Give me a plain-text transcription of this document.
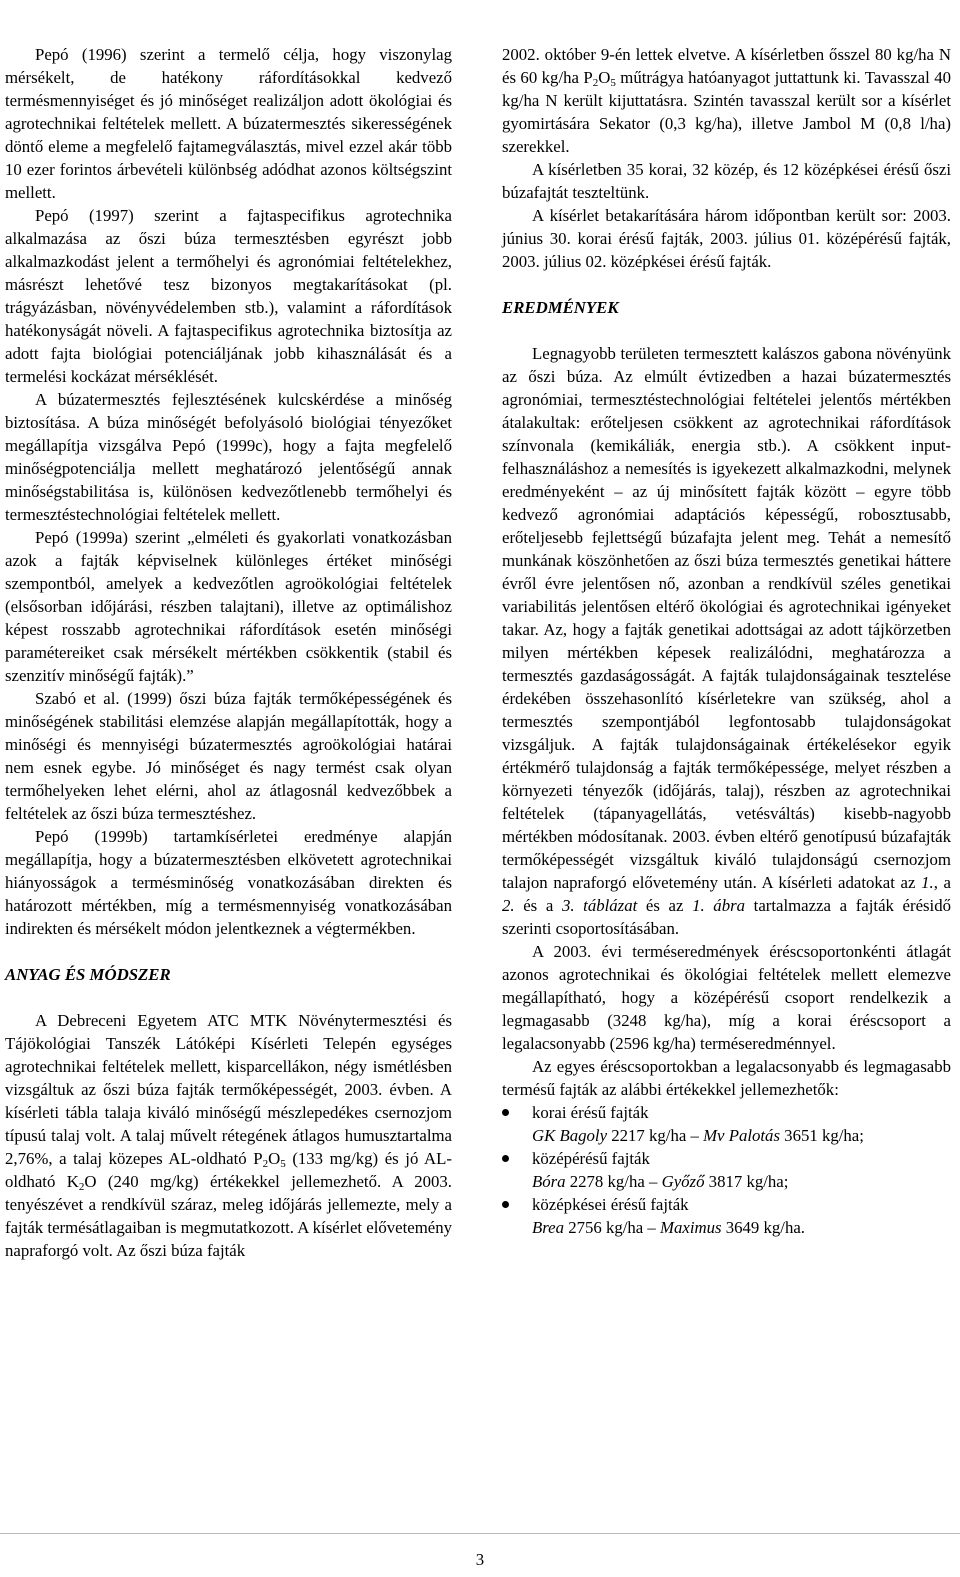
Pepó (1996) szerint a termelő célja, hogy viszonylag mérsékelt, de hatékony ráfordításokkal kedvező termésmennyiséget és jó minőséget realizáljon adott ökológiai és agrotechnikai feltételek mellett. A búzatermesztés sikerességének döntő eleme a megfelelő fajtamegválasztás, mivel ezzel akár több 10 ezer forintos árbevételi különbség adódhat azonos költségszint mellett.

Pepó (1997) szerint a fajtaspecifikus agrotechnika alkalmazása az őszi búza termesztésben egyrészt jobb alkalmazkodást jelent a termőhelyi és agronómiai feltételekhez, másrészt lehetővé tesz bizonyos megtakarításokat (pl. trágyázásban, növényvédelemben stb.), valamint a ráfordítások hatékonyságát növeli. A fajtaspecifikus agrotechnika biztosítja az adott fajta biológiai potenciáljának jobb kihasználását és a termelési kockázat mérséklését.

A búzatermesztés fejlesztésének kulcskérdése a minőség biztosítása. A búza minőségét befolyásoló biológiai tényezőket megállapítja vizsgálva Pepó (1999c), hogy a fajta megfelelő minőségpotenciálja mellett meghatározó jelentőségű annak minőségstabilitása is, különösen kedvezőtlenebb termőhelyi és termesztéstechnológiai feltételek mellett.

Pepó (1999a) szerint „elméleti és gyakorlati vonatkozásban azok a fajták képviselnek különleges értéket minőségi szempontból, amelyek a kedvezőtlen agroökológiai feltételek (elsősorban időjárási, részben talajtani), illetve az optimálishoz képest rosszabb agrotechnikai ráfordítások esetén minőségi paramétereiket csak mérsékelt mértékben csökkentik (stabil és szenzitív minőségű fajták).”

Szabó et al. (1999) őszi búza fajták termőképességének és minőségének stabilitási elemzése alapján megállapították, hogy a minőségi és mennyiségi búzatermesztés agroökológiai határai nem esnek egybe. Jó minőséget és nagy termést csak olyan termőhelyeken lehet elérni, ahol az átlagosnál kedvezőbbek a feltételek az őszi búza termesztéshez.

Pepó (1999b) tartamkísérletei eredménye alapján megállapítja, hogy a búzatermesztésben elkövetett agrotechnikai hiányosságok a termésminőség vonatkozásában direkten és határozott mértékben, míg a termésmennyiség vonatkozásában indirekten és mérsékelt módon jelentkeznek a végtermékben.

ANYAG ÉS MÓDSZER

A Debreceni Egyetem ATC MTK Növénytermesztési és Tájökológiai Tanszék Látóképi Kísérleti Telepén egységes agrotechnikai feltételek mellett, kisparcellákon, négy ismétlésben vizsgáltuk az őszi búza fajták termőképességét, 2003. évben. A kísérleti tábla talaja kiváló minőségű mészlepedékes csernozjom típusú talaj volt. A talaj művelt rétegének átlagos humusztartalma 2,76%, a talaj közepes AL-oldható $P_2O_5$ (133 mg/kg) és jó AL-oldható $K_2O$ (240 mg/kg) értékekkel jellemezhető. A 2003. tenyészévet a rendkívül száraz, meleg időjárás jellemezte, mely a fajták termésátlagaiban is megmutatkozott. A kísérlet elővetemény napraforgó volt. Az őszi búza fajták

2002. október 9-én lettek elvetve. A kísérletben ősszel 80 kg/ha N és 60 kg/ha $P_2O_5$ műtrágya hatóanyagot juttattunk ki. Tavasszal 40 kg/ha N került kijuttatásra. Szintén tavasszal került sor a kísérlet gyomirtására Sekator (0,3 kg/ha), illetve Jambol M (0,8 l/ha) szerekkel.

A kísérletben 35 korai, 32 közép, és 12 középkései érésű őszi búzafajtát teszteltünk.

A kísérlet betakarítására három időpontban került sor: 2003. június 30. korai érésű fajták, 2003. július 01. középérésű fajták, 2003. július 02. középkései érésű fajták.

EREDMÉNYEK

Legnagyobb területen termesztett kalászos gabona növényünk az őszi búza. Az elmúlt évtizedben a hazai búzatermesztés agronómiai, termesztéstechnológiai feltételei jelentős mértékben átalakultak: erőteljesen csökkent az agrotechnikai ráfordítások színvonala (kemikáliák, energia stb.). A csökkent input-felhasználáshoz a nemesítés is igyekezett alkalmazkodni, melynek eredményeként – az új minősített fajták között – egyre több kedvező agronómiai adaptációs képességű, robosztusabb, erőteljesebb fejlettségű búzafajta jelent meg. Tehát a nemesítő munkának köszönhetően az őszi búza termesztés genetikai háttere évről évre jelentősen nő, azonban a rendkívül széles genetikai variabilitás jelentősen eltérő ökológiai és agrotechnikai igényeket takar. Az, hogy a fajták genetikai adottságai az adott tájkörzetben milyen mértékben képesek realizálódni, meghatározza a termesztés gazdaságosságát. A fajták tulajdonságainak tesztelése érdekében összehasonlító kísérletekre van szükség, ahol a termesztés szempontjából legfontosabb tulajdonságokat vizsgáljuk. A fajták tulajdonságainak értékelésekor egyik értékmérő tulajdonság a fajták termőképessége, melyet részben a környezeti tényezők (időjárás, talaj), részben az agrotechnikai feltételek (tápanyagellátás, vetésváltás) kisebb-nagyobb mértékben módosítanak. 2003. évben eltérő genotípusú búzafajták termőképességét vizsgáltuk kiváló tulajdonságú csernozjom talajon napraforgó elővetemény után. A kísérleti adatokat az 1., a 2. és a 3. táblázat és az 1. ábra tartalmazza a fajták érésidő szerinti csoportosításában.

A 2003. évi terméseredmények éréscsoportonkénti átlagát azonos agrotechnikai és ökológiai feltételek mellett elemezve megállapítható, hogy a középérésű csoport rendelkezik a legmagasabb (3248 kg/ha), míg a korai éréscsoport a legalacsonyabb (2596 kg/ha) terméseredménnyel.

Az egyes éréscsoportokban a legalacsonyabb és legmagasabb termésű fajták az alábbi értékekkel jellemezhetők:

korai érésű fajták
GK Bagoly 2217 kg/ha – Mv Palotás 3651 kg/ha;
középérésű fajták
Bóra 2278 kg/ha – Győző 3817 kg/ha;
középkései érésű fajták
Brea 2756 kg/ha – Maximus 3649 kg/ha.
3
